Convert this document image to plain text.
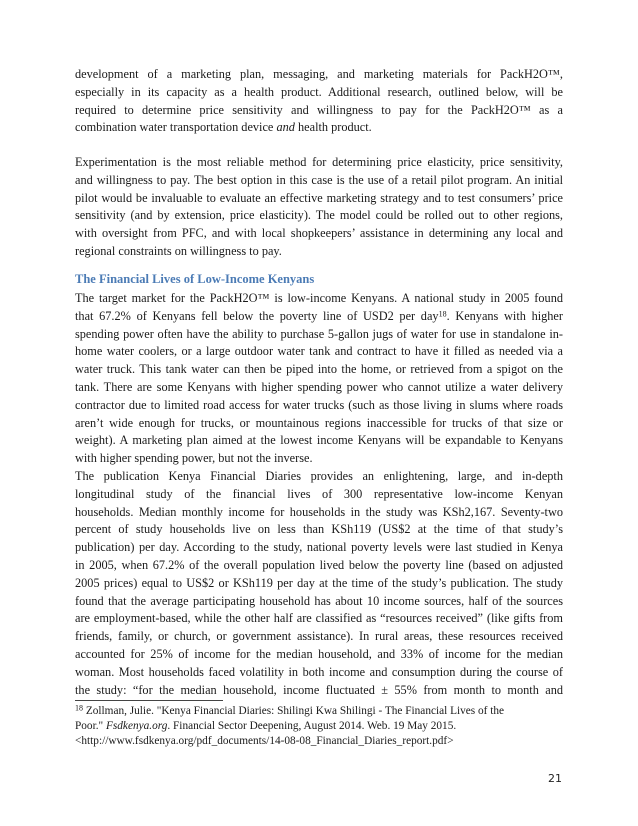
development of a marketing plan, messaging, and marketing materials for PackH2O™,
especially in its capacity as a health product. Additional research, outlined below, will be
required to determine price sensitivity and willingness to pay for the PackH2O™ as a
combination water transportation device and health product.
Experimentation is the most reliable method for determining price elasticity, price sensitivity,
and willingness to pay. The best option in this case is the use of a retail pilot program. An initial
pilot would be invaluable to evaluate an effective marketing strategy and to test consumers’ price
sensitivity (and by extension, price elasticity). The model could be rolled out to other regions,
with oversight from PFC, and with local shopkeepers’ assistance in determining any local and
regional constraints on willingness to pay.
The Financial Lives of Low-Income Kenyans
The target market for the PackH2O™ is low-income Kenyans. A national study in 2005 found
that 67.2% of Kenyans fell below the poverty line of USD2 per day$^{18}$. Kenyans with higher
spending power often have the ability to purchase 5-gallon jugs of water for use in standalone in-
home water coolers, or a large outdoor water tank and contract to have it filled as needed via a
water truck. This tank water can then be piped into the home, or retrieved from a spigot on the
tank. There are some Kenyans with higher spending power who cannot utilize a water delivery
contractor due to limited road access for water trucks (such as those living in slums where roads
aren’t wide enough for trucks, or mountainous regions inaccessible for trucks of that size or
weight). A marketing plan aimed at the lowest income Kenyans will be expandable to Kenyans
with higher spending power, but not the inverse.
The publication Kenya Financial Diaries provides an enlightening, large, and in-depth
longitudinal study of the financial lives of 300 representative low-income Kenyan
households. Median monthly income for households in the study was KSh2,167. Seventy-two
percent of study households live on less than KSh119 (US$2 at the time of that study’s
publication) per day. According to the study, national poverty levels were last studied in Kenya
in 2005, when 67.2% of the overall population lived below the poverty line (based on adjusted
2005 prices) equal to US$2 or KSh119 per day at the time of the study’s publication. The study
found that the average participating household has about 10 income sources, half of the sources
are employment-based, while the other half are classified as “resources received” (like gifts from
friends, family, or church, or government assistance). In rural areas, these resources received
accounted for 25% of income for the median household, and 33% of income for the median
woman. Most households faced volatility in both income and consumption during the course of
the study: “for the median household, income fluctuated ± 55% from month to month and
$^{18}$ Zollman, Julie. "Kenya Financial Diaries: Shilingi Kwa Shilingi - The Financial Lives of the
Poor." Fsdkenya.org. Financial Sector Deepening, August 2014. Web. 19 May 2015.
<http://www.fsdkenya.org/pdf_documents/14-08-08_Financial_Diaries_report.pdf>
21
